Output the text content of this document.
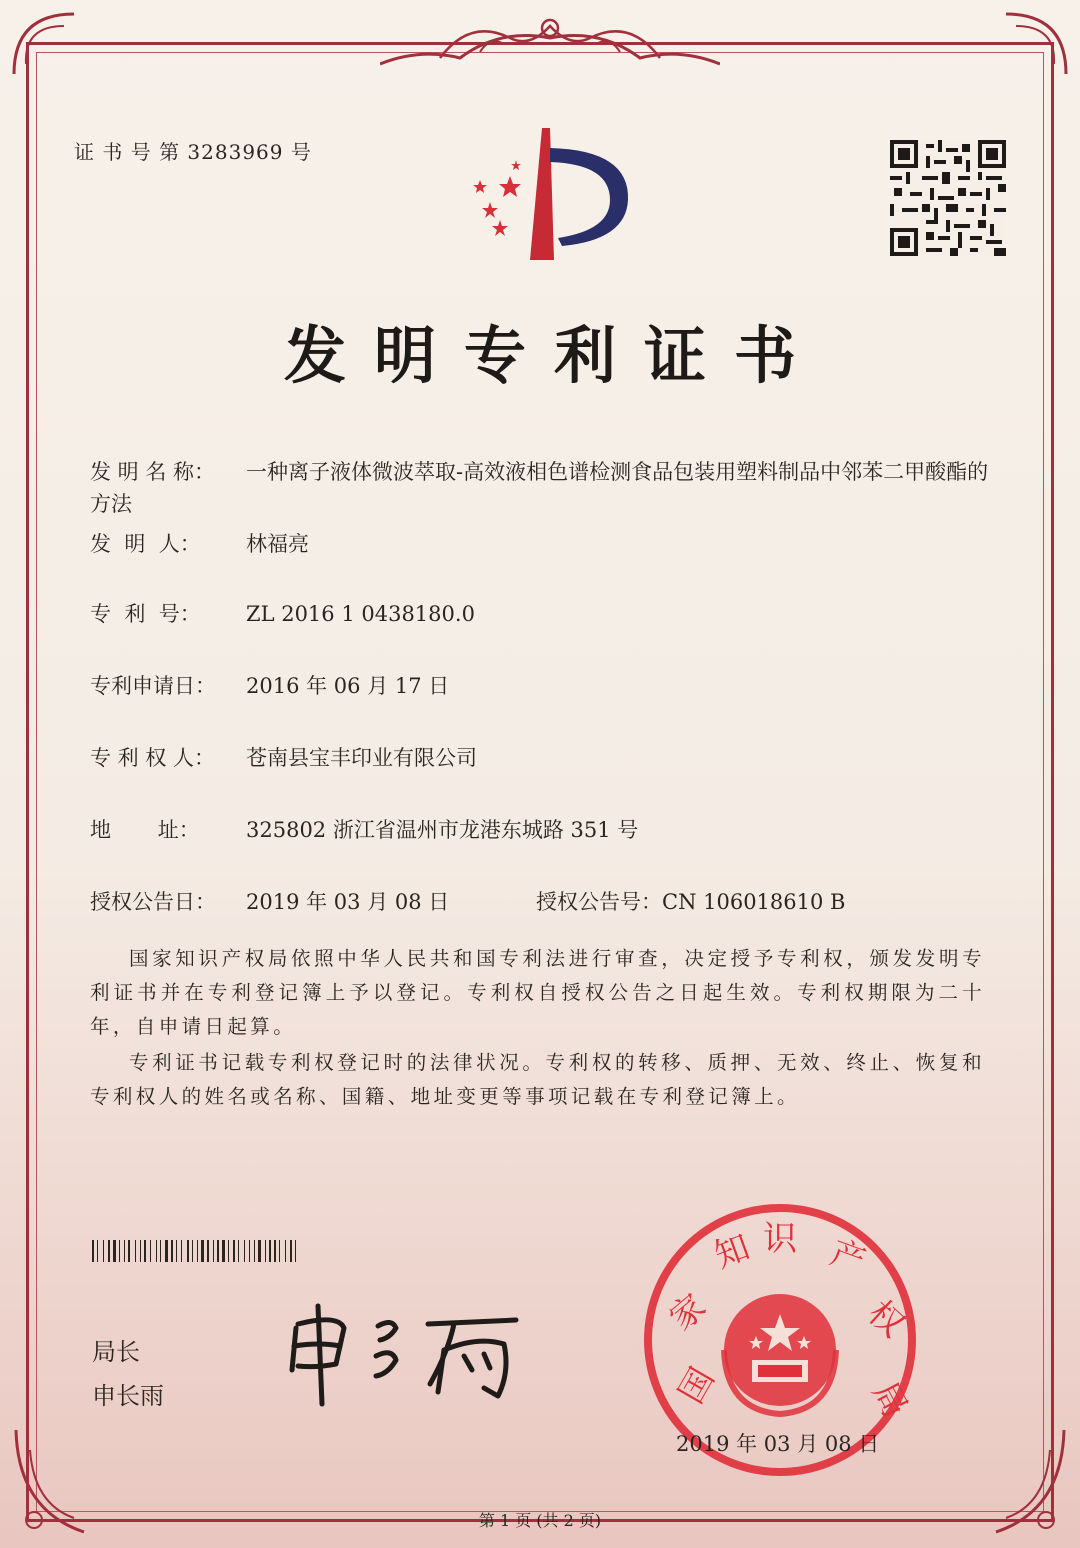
证 书 号 第 3283969 号
发明专利证书
发 明 名 称： 一种离子液体微波萃取-高效液相色谱检测食品包装用塑料制品中邻苯二甲酸酯的方法
发  明  人： 林福亮
专  利  号： ZL 2016 1 0438180.0
专利申请日： 2016 年 06 月 17 日
专 利 权 人： 苍南县宝丰印业有限公司
地       址： 325802 浙江省温州市龙港东城路 351 号
授权公告日： 2019 年 03 月 08 日	授权公告号：CN 106018610 B
国家知识产权局依照中华人民共和国专利法进行审查，决定授予专利权，颁发发明专利证书并在专利登记簿上予以登记。专利权自授权公告之日起生效。专利权期限为二十年，自申请日起算。
专利证书记载专利权登记时的法律状况。专利权的转移、质押、无效、终止、恢复和专利权人的姓名或名称、国籍、地址变更等事项记载在专利登记簿上。
局长
申长雨	国
家
知 识 产
权
局
2019 年 03 月 08 日
第 1 页 (共 2 页)
